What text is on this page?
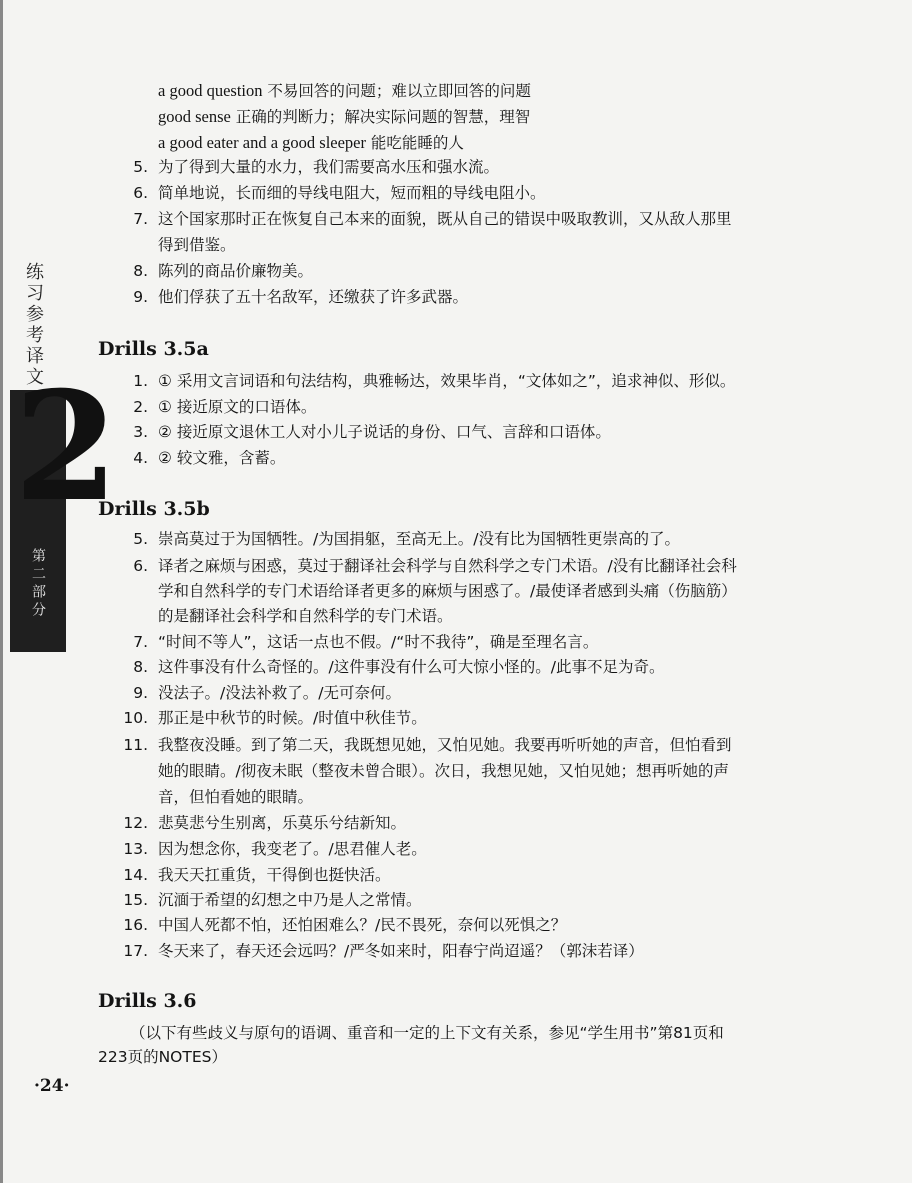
练习参考译文
2
第二部分
a good question 不易回答的问题；难以立即回答的问题
good sense 正确的判断力；解决实际问题的智慧，理智
a good eater and a good sleeper 能吃能睡的人
5. 为了得到大量的水力，我们需要高水压和强水流。
6. 简单地说，长而细的导线电阻大，短而粗的导线电阻小。
7. 这个国家那时正在恢复自己本来的面貌，既从自己的错误中吸取教训，又从敌人那里
得到借鉴。
8. 陈列的商品价廉物美。
9. 他们俘获了五十名敌军，还缴获了许多武器。
Drills 3.5a
1. ① 采用文言词语和句法结构，典雅畅达，效果毕肖，“文体如之”，追求神似、形似。
2. ① 接近原文的口语体。
3. ② 接近原文退休工人对小儿子说话的身份、口气、言辞和口语体。
4. ② 较文雅，含蓄。
Drills 3.5b
5. 崇高莫过于为国牺牲。/为国捐躯，至高无上。/没有比为国牺牲更崇高的了。
6. 译者之麻烦与困惑，莫过于翻译社会科学与自然科学之专门术语。/没有比翻译社会科
学和自然科学的专门术语给译者更多的麻烦与困惑了。/最使译者感到头痛（伤脑筋）
的是翻译社会科学和自然科学的专门术语。
7. “时间不等人”，这话一点也不假。/“时不我待”，确是至理名言。
8. 这件事没有什么奇怪的。/这件事没有什么可大惊小怪的。/此事不足为奇。
9. 没法子。/没法补救了。/无可奈何。
10. 那正是中秋节的时候。/时值中秋佳节。
11. 我整夜没睡。到了第二天，我既想见她，又怕见她。我要再听听她的声音，但怕看到
她的眼睛。/彻夜未眠（整夜未曾合眼）。次日，我想见她，又怕见她；想再听她的声
音，但怕看她的眼睛。
12. 悲莫悲兮生别离，乐莫乐兮结新知。
13. 因为想念你，我变老了。/思君催人老。
14. 我天天扛重货，干得倒也挺快活。
15. 沉湎于希望的幻想之中乃是人之常情。
16. 中国人死都不怕，还怕困难么？/民不畏死，奈何以死惧之？
17. 冬天来了，春天还会远吗？/严冬如来时，阳春宁尚迢遥？（郭沫若译）
Drills 3.6
（以下有些歧义与原句的语调、重音和一定的上下文有关系，参见“学生用书”第81页和
223页的NOTES）
·24·
